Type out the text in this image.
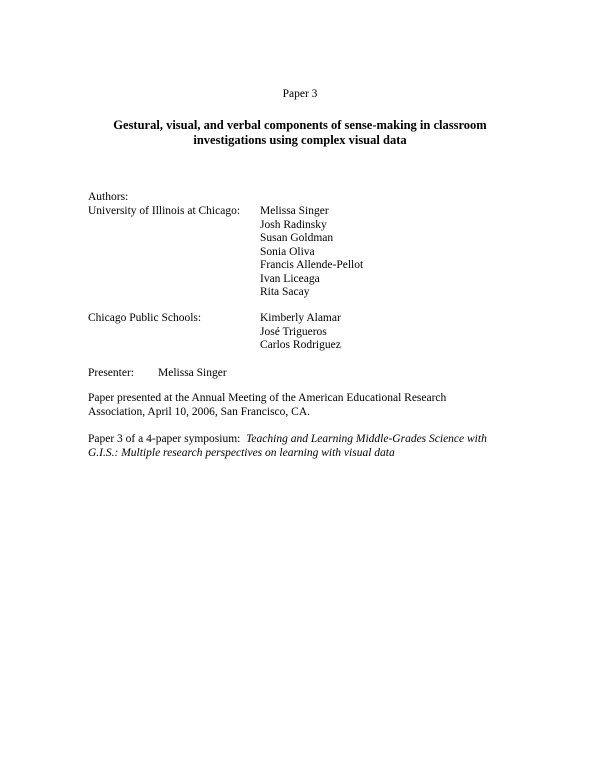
Paper 3
Gestural, visual, and verbal components of sense-making in classroom
investigations using complex visual data
Authors:
University of Illinois at Chicago: Melissa Singer
Josh Radinsky
Susan Goldman
Sonia Oliva
Francis Allende-Pellot
Ivan Liceaga
Rita Sacay
Chicago Public Schools:	Kimberly Alamar
José Trigueros
Carlos Rodriguez
Presenter: Melissa Singer
Paper presented at the Annual Meeting of the American Educational Research
Association, April 10, 2006, San Francisco, CA.
Paper 3 of a 4-paper symposium: Teaching and Learning Middle-Grades Science with
G.I.S.: Multiple research perspectives on learning with visual data
